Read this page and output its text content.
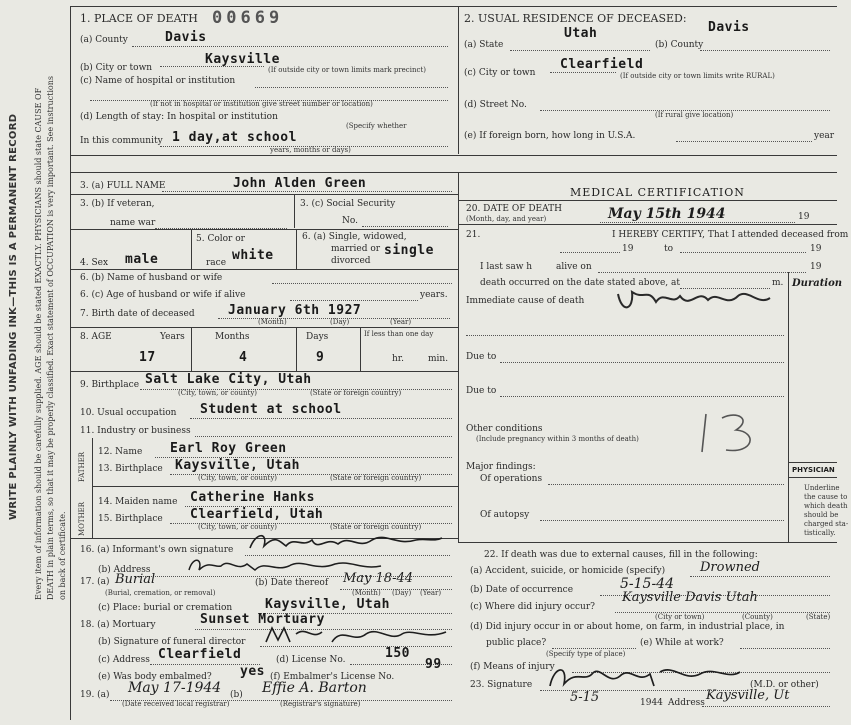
WRITE PLAINLY WITH UNFADING INK—THIS IS A PERMANENT RECORD Every item of information should be carefully supplied. AGE should be stated EXACTLY. PHYSICIANS should state CAUSE OF DEATH in plain terms, so that it may be properly classified. Exact statement of OCCUPATION is very important. See instructions on back of certificate.
1. PLACE OF DEATH 00669
(a) County	Davis
(b) City or town
Kaysville
(If outside city or town limits mark precinct)
(c) Name of hospital or institution
(If not in hospital or institution give street number or location)
(d) Length of stay: In hospital or institution
(Specify whether
In this community 1 day,at school
years, months or days)
2. USUAL RESIDENCE OF DECEASED:
Davis
(a) State
Utah
(b) County
(c) City or town
Clearfield
(If outside city or town limits write RURAL)
(d) Street No.
(If rural give location)
(e) If foreign born, how long in U.S.A.	year
3. (a) FULL NAME	John Alden Green
3. (b) If veteran,
name war
3. (c) Social Security
No.
4. Sex male
5. Color or
race white
6. (a) Single, widowed,
married or
divorced
single
6. (b) Name of husband or wife
6. (c) Age of husband or wife if alive	years.
7. Birth date of deceased	January 6th 1927
(Month)	(Day)	(Year)
8. AGE	Years	Months	Days	If less than one day
17	4	9	hr.	min.
9. Birthplace Salt Lake City, Utah
(City, town, or county)	(State or foreign country)
10. Usual occupation Student at school
11. Industry or business
FATHER
MOTHER
12. Name Earl Roy Green
13. Birthplace Kaysville, Utah
(City, town, or county)	(State or foreign country)
14. Maiden name Catherine Hanks
15. Birthplace Clearfield, Utah
(City, town, or county)	(State or foreign country)
16. (a) Informant's own signature
(b) Address
17. (a) Burial
(Burial, cremation, or removal)
(b) Date thereof May 18-44
(Month) (Day) (Year)
(c) Place: burial or cremation	Kaysville, Utah
18. (a) Mortuary	Sunset Mortuary
(b) Signature of funeral director
(c) Address Clearfield	(d) License No.	150
(e) Was body embalmed? yes (f) Embalmer's License No.
99
19. (a) May 17-1944 (b) Effie A. Barton
(Date received local registrar)	(Registrar's signature)
MEDICAL CERTIFICATION
20. DATE OF DEATH
(Month, day, and year)	May 15th 1944	19
21.	I HEREBY CERTIFY, That I attended deceased from
19	to	19
I last saw h	alive on	19
death occurred on the date stated above, at	m. Duration
Immediate cause of death
Due to
Due to
Other conditions
(Include pregnancy within 3 months of death)
Major findings:
Of operations
Of autopsy
PHYSICIAN
Underline
the cause to
which death
should be
charged sta-
tistically.
22. If death was due to external causes, fill in the following:
(a) Accident, suicide, or homicide (specify)	Drowned
(b) Date of occurrence	5-15-44
(c) Where did injury occur?
Kaysville Davis Utah
(City or town)	(County)	(State)
(d) Did injury occur in or about home, on farm, in industrial place, in
public place?	(e) While at work?
(Specify type of place)
(f) Means of injury
23. Signature	(M.D. or other)
5-15	1944 Address Kaysville, Ut
